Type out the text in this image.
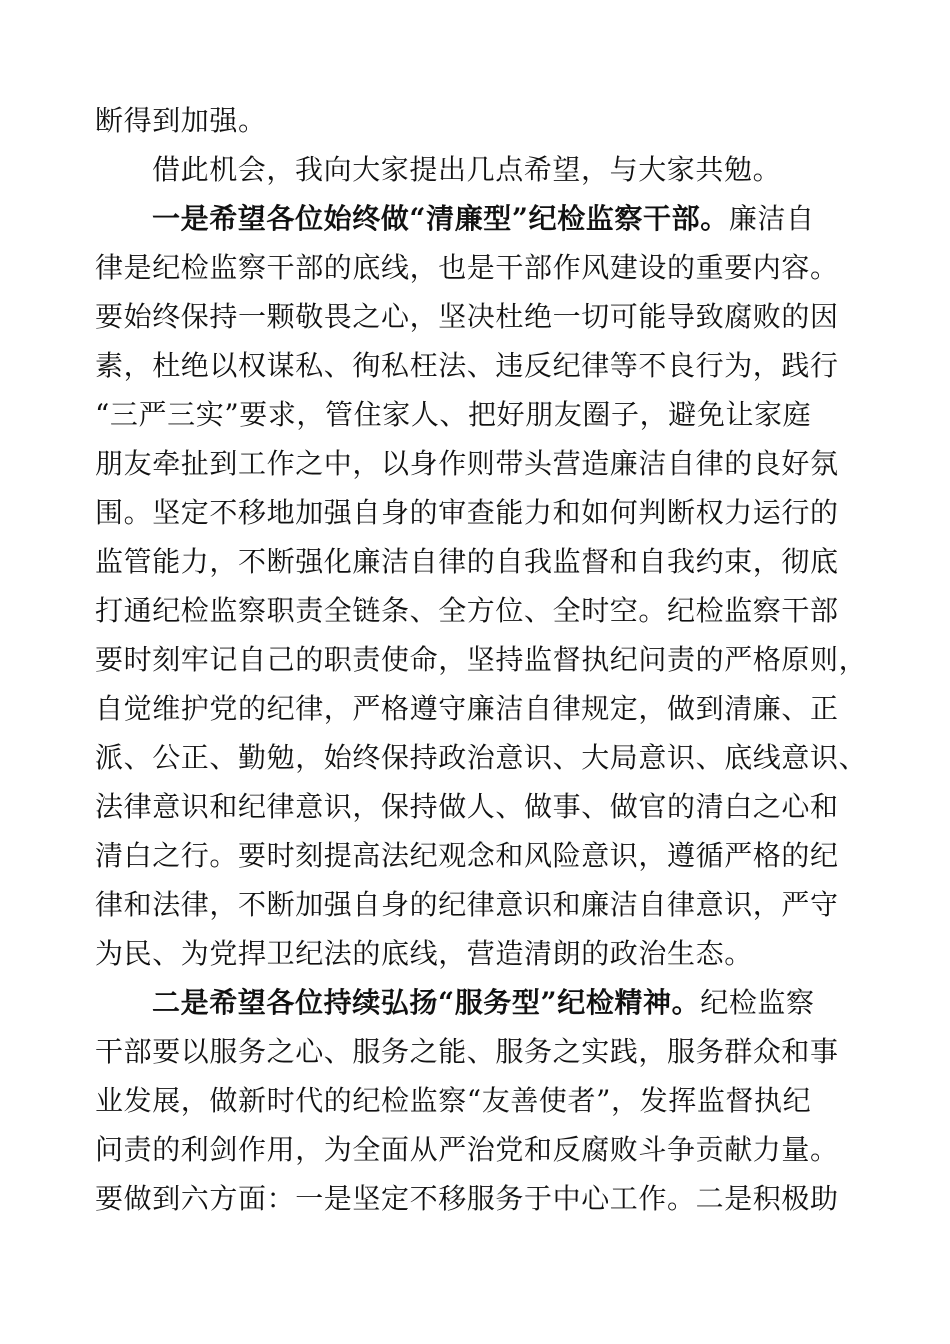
断得到加强。
借此机会，我向大家提出几点希望，与大家共勉。
一是希望各位始终做“清廉型”纪检监察干部。廉洁自
律是纪检监察干部的底线，也是干部作风建设的重要内容。
要始终保持一颗敬畏之心，坚决杜绝一切可能导致腐败的因
素，杜绝以权谋私、徇私枉法、违反纪律等不良行为，践行
“三严三实”要求，管住家人、把好朋友圈子，避免让家庭
朋友牵扯到工作之中，以身作则带头营造廉洁自律的良好氛
围。坚定不移地加强自身的审查能力和如何判断权力运行的
监管能力，不断强化廉洁自律的自我监督和自我约束，彻底
打通纪检监察职责全链条、全方位、全时空。纪检监察干部
要时刻牢记自己的职责使命，坚持监督执纪问责的严格原则，
自觉维护党的纪律，严格遵守廉洁自律规定，做到清廉、正
派、公正、勤勉，始终保持政治意识、大局意识、底线意识、
法律意识和纪律意识，保持做人、做事、做官的清白之心和
清白之行。要时刻提高法纪观念和风险意识，遵循严格的纪
律和法律，不断加强自身的纪律意识和廉洁自律意识，严守
为民、为党捍卫纪法的底线，营造清朗的政治生态。
二是希望各位持续弘扬“服务型”纪检精神。纪检监察
干部要以服务之心、服务之能、服务之实践，服务群众和事
业发展，做新时代的纪检监察“友善使者”，发挥监督执纪
问责的利剑作用，为全面从严治党和反腐败斗争贡献力量。
要做到六方面：一是坚定不移服务于中心工作。二是积极助
